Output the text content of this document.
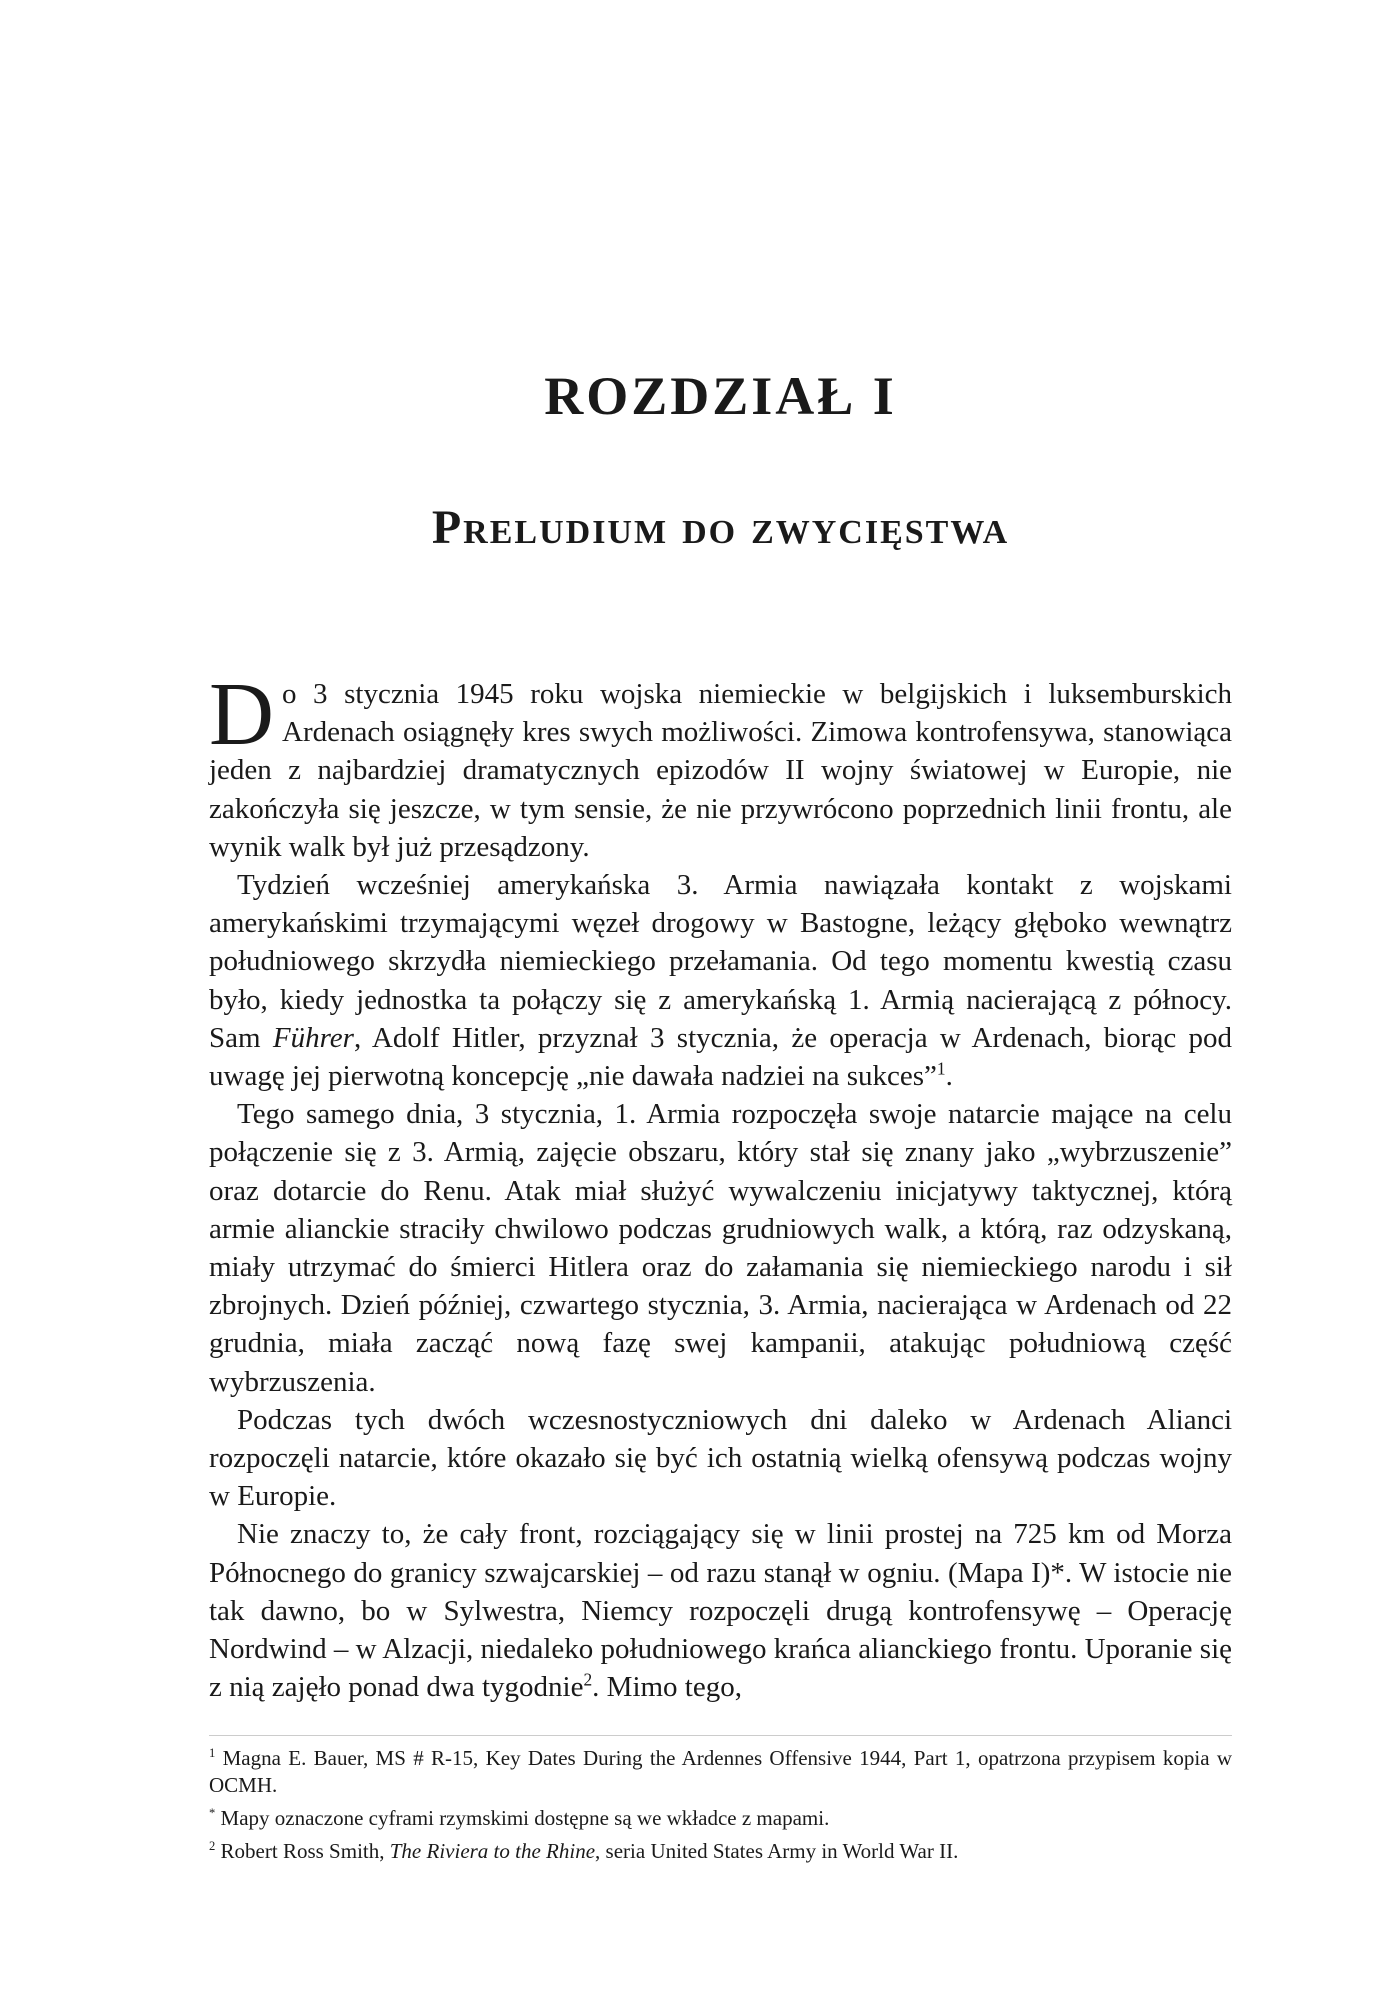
ROZDZIAŁ I
Preludium do zwycięstwa

Do 3 stycznia 1945 roku wojska niemieckie w belgijskich i luksemburskich Ardenach osiągnęły kres swych możliwości. Zimowa kontrofensywa, stanowiąca jeden z najbardziej dramatycznych epizodów II wojny światowej w Europie, nie zakończyła się jeszcze, w tym sensie, że nie przywrócono poprzednich linii frontu, ale wynik walk był już przesądzony.

Tydzień wcześniej amerykańska 3. Armia nawiązała kontakt z wojskami amerykańskimi trzymającymi węzeł drogowy w Bastogne, leżący głęboko wewnątrz południowego skrzydła niemieckiego przełamania. Od tego momentu kwestią czasu było, kiedy jednostka ta połączy się z amerykańską 1. Armią nacierającą z północy. Sam Führer, Adolf Hitler, przyznał 3 stycznia, że operacja w Ardenach, biorąc pod uwagę jej pierwotną koncepcję „nie dawała nadziei na sukces”$^1$.

Tego samego dnia, 3 stycznia, 1. Armia rozpoczęła swoje natarcie mające na celu połączenie się z 3. Armią, zajęcie obszaru, który stał się znany jako „wybrzuszenie” oraz dotarcie do Renu. Atak miał służyć wywalczeniu inicjatywy taktycznej, którą armie alianckie straciły chwilowo podczas grudniowych walk, a którą, raz odzyskaną, miały utrzymać do śmierci Hitlera oraz do załamania się niemieckiego narodu i sił zbrojnych. Dzień później, czwartego stycznia, 3. Armia, nacierająca w Ardenach od 22 grudnia, miała zacząć nową fazę swej kampanii, atakując południową część wybrzuszenia.

Podczas tych dwóch wczesnostyczniowych dni daleko w Ardenach Alianci rozpoczęli natarcie, które okazało się być ich ostatnią wielką ofensywą podczas wojny w Europie.

Nie znaczy to, że cały front, rozciągający się w linii prostej na 725 km od Morza Północnego do granicy szwajcarskiej – od razu stanął w ogniu. (Mapa I)*. W istocie nie tak dawno, bo w Sylwestra, Niemcy rozpoczęli drugą kontrofensywę – Operację Nordwind – w Alzacji, niedaleko południowego krańca alianckiego frontu. Uporanie się z nią zajęło ponad dwa tygodnie$^2$. Mimo tego,

$^1$ Magna E. Bauer, MS # R-15, Key Dates During the Ardennes Offensive 1944, Part 1, opatrzona przypisem kopia w OCMH.

* Mapy oznaczone cyframi rzymskimi dostępne są we wkładce z mapami.

$^2$ Robert Ross Smith, The Riviera to the Rhine, seria United States Army in World War II.
